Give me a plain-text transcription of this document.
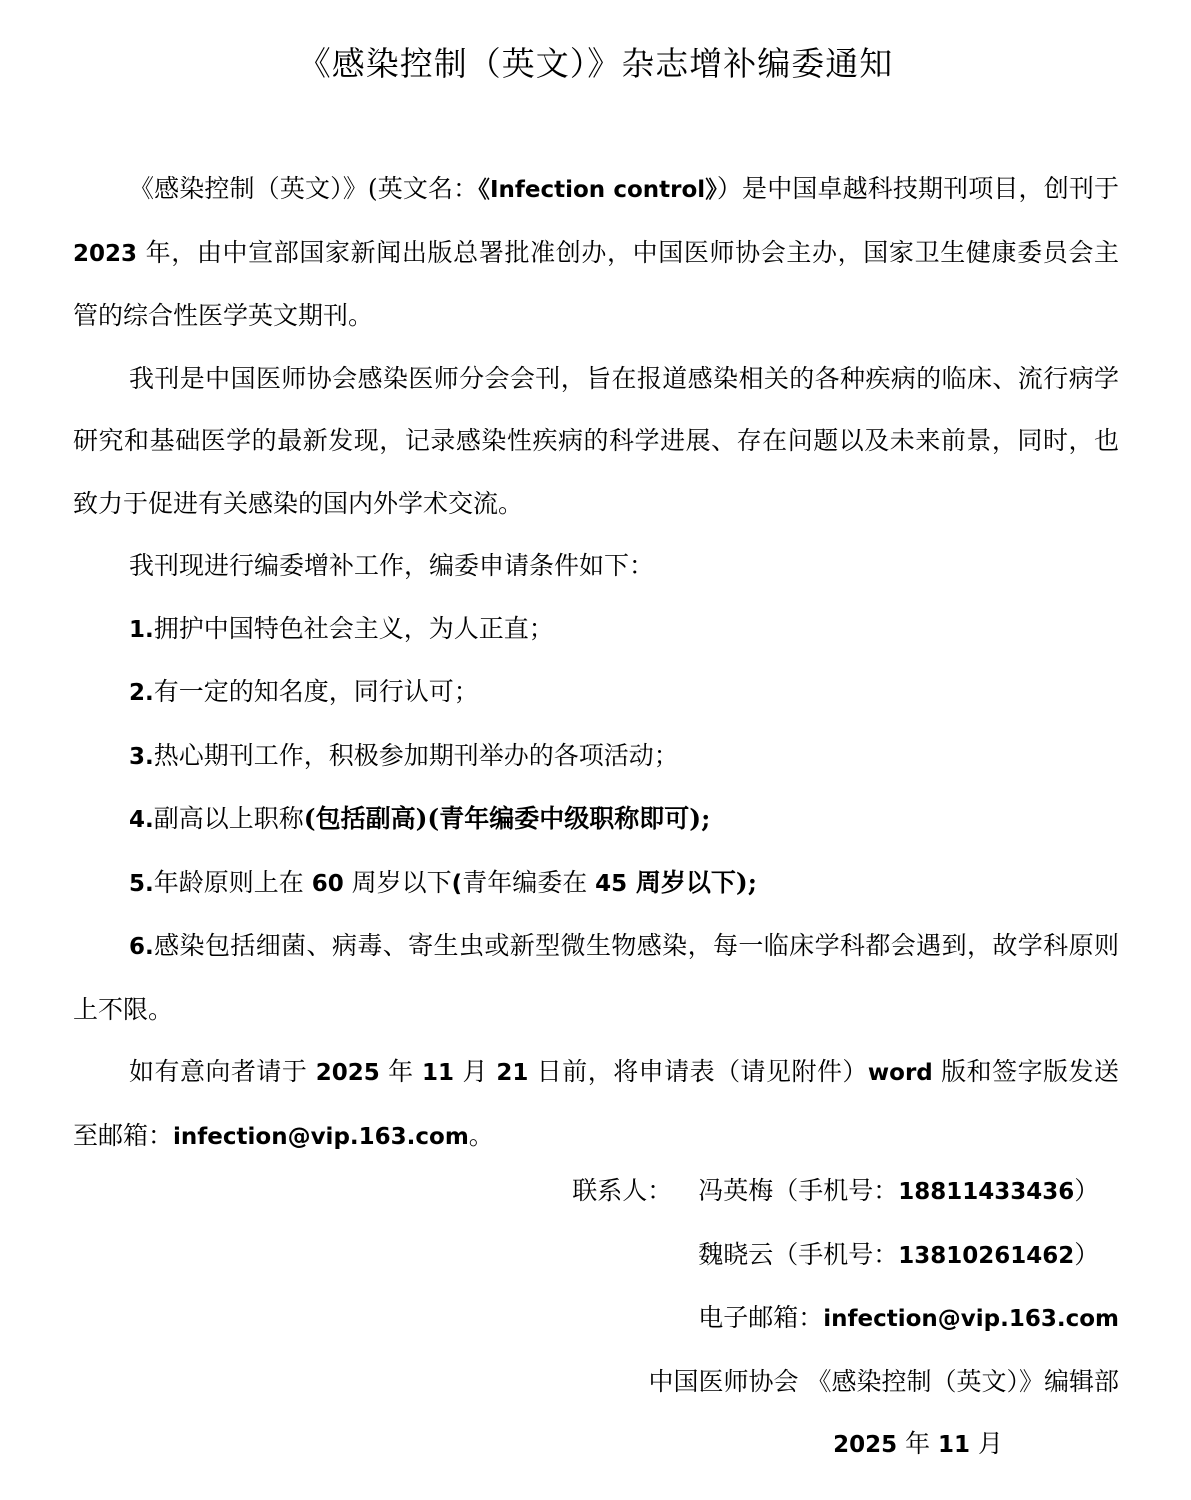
《感染控制（英文）》杂志增补编委通知

《感染控制（英文）》(英文名：《Infection control》）是中国卓越科技期刊项目，创刊于 2023 年，由中宣部国家新闻出版总署批准创办，中国医师协会主办，国家卫生健康委员会主管的综合性医学英文期刊。

我刊是中国医师协会感染医师分会会刊，旨在报道感染相关的各种疾病的临床、流行病学研究和基础医学的最新发现，记录感染性疾病的科学进展、存在问题以及未来前景，同时，也致力于促进有关感染的国内外学术交流。

我刊现进行编委增补工作，编委申请条件如下：

1.拥护中国特色社会主义，为人正直；

2.有一定的知名度，同行认可；

3.热心期刊工作，积极参加期刊举办的各项活动；

4.副高以上职称(包括副高)(青年编委中级职称即可);

5.年龄原则上在 60 周岁以下(青年编委在 45 周岁以下);

6.感染包括细菌、病毒、寄生虫或新型微生物感染，每一临床学科都会遇到，故学科原则上不限。

如有意向者请于 2025 年 11 月 21 日前，将申请表（请见附件）word 版和签字版发送至邮箱：infection@vip.163.com。

联系人： 冯英梅（手机号：18811433436）
魏晓云（手机号：13810261462）
电子邮箱：infection@vip.163.com
中国医师协会 《感染控制（英文）》编辑部
2025 年 11 月
